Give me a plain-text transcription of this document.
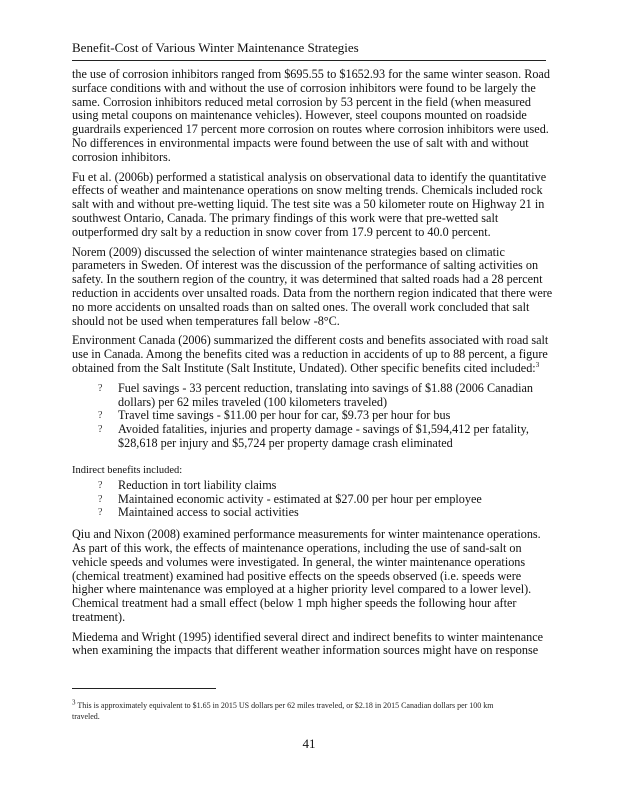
Benefit-Cost of Various Winter Maintenance Strategies

the use of corrosion inhibitors ranged from $695.55 to $1652.93 for the same winter season. Road surface conditions with and without the use of corrosion inhibitors were found to be largely the same. Corrosion inhibitors reduced metal corrosion by 53 percent in the field (when measured using metal coupons on maintenance vehicles). However, steel coupons mounted on roadside guardrails experienced 17 percent more corrosion on routes where corrosion inhibitors were used. No differences in environmental impacts were found between the use of salt with and without corrosion inhibitors.

Fu et al. (2006b) performed a statistical analysis on observational data to identify the quantitative effects of weather and maintenance operations on snow melting trends. Chemicals included rock salt with and without pre-wetting liquid. The test site was a 50 kilometer route on Highway 21 in southwest Ontario, Canada. The primary findings of this work were that pre-wetted salt outperformed dry salt by a reduction in snow cover from 17.9 percent to 40.0 percent.

Norem (2009) discussed the selection of winter maintenance strategies based on climatic parameters in Sweden. Of interest was the discussion of the performance of salting activities on safety. In the southern region of the country, it was determined that salted roads had a 28 percent reduction in accidents over unsalted roads. Data from the northern region indicated that there were no more accidents on unsalted roads than on salted ones. The overall work concluded that salt should not be used when temperatures fall below -8°C.

Environment Canada (2006) summarized the different costs and benefits associated with road salt use in Canada. Among the benefits cited was a reduction in accidents of up to 88 percent, a figure obtained from the Salt Institute (Salt Institute, Undated). Other specific benefits cited included:$^3$

? Fuel savings - 33 percent reduction, translating into savings of $1.88 (2006 Canadian dollars) per 62 miles traveled (100 kilometers traveled)
? Travel time savings - $11.00 per hour for car, $9.73 per hour for bus
? Avoided fatalities, injuries and property damage - savings of $1,594,412 per fatality, $28,618 per injury and $5,724 per property damage crash eliminated
Indirect benefits included:
? Reduction in tort liability claims
? Maintained economic activity - estimated at $27.00 per hour per employee
? Maintained access to social activities

Qiu and Nixon (2008) examined performance measurements for winter maintenance operations. As part of this work, the effects of maintenance operations, including the use of sand-salt on vehicle speeds and volumes were investigated. In general, the winter maintenance operations (chemical treatment) examined had positive effects on the speeds observed (i.e. speeds were higher where maintenance was employed at a higher priority level compared to a lower level). Chemical treatment had a small effect (below 1 mph higher speeds the following hour after treatment).

Miedema and Wright (1995) identified several direct and indirect benefits to winter maintenance when examining the impacts that different weather information sources might have on response

$^3$ This is approximately equivalent to $1.65 in 2015 US dollars per 62 miles traveled, or $2.18 in 2015 Canadian dollars per 100 km traveled.
41
